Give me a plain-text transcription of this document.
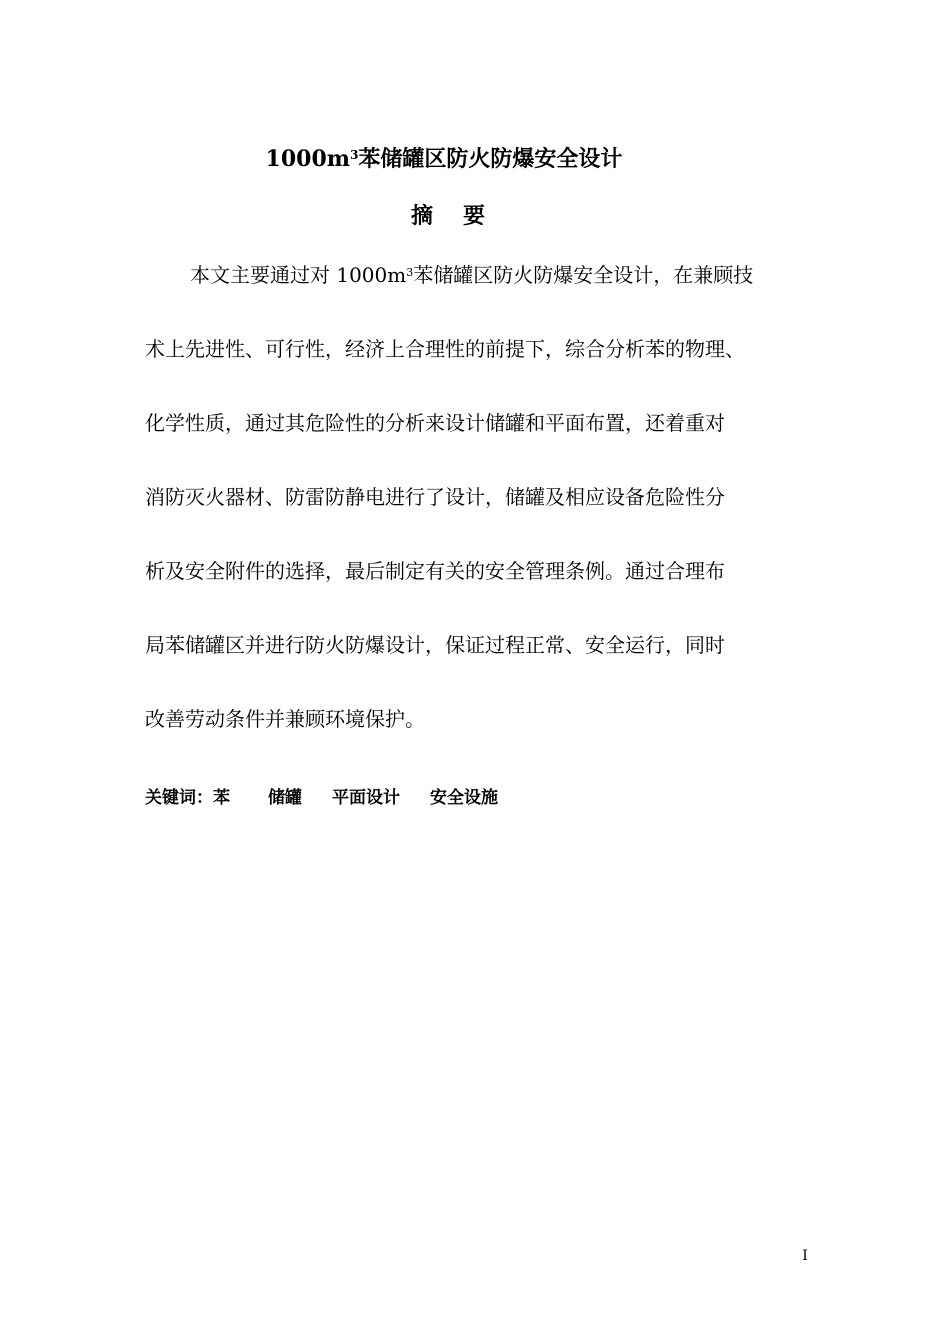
$1000m^3$苯储罐区防火防爆安全设计
摘要
本文主要通过对 $1000m^3$苯储罐区防火防爆安全设计，在兼顾技
术上先进性、可行性，经济上合理性的前提下，综合分析苯的物理、
化学性质，通过其危险性的分析来设计储罐和平面布置，还着重对
消防灭火器材、防雷防静电进行了设计，储罐及相应设备危险性分
析及安全附件的选择，最后制定有关的安全管理条例。通过合理布
局苯储罐区并进行防火防爆设计，保证过程正常、安全运行，同时
改善劳动条件并兼顾环境保护。
关键词：苯 储罐 平面设计 安全设施
I
